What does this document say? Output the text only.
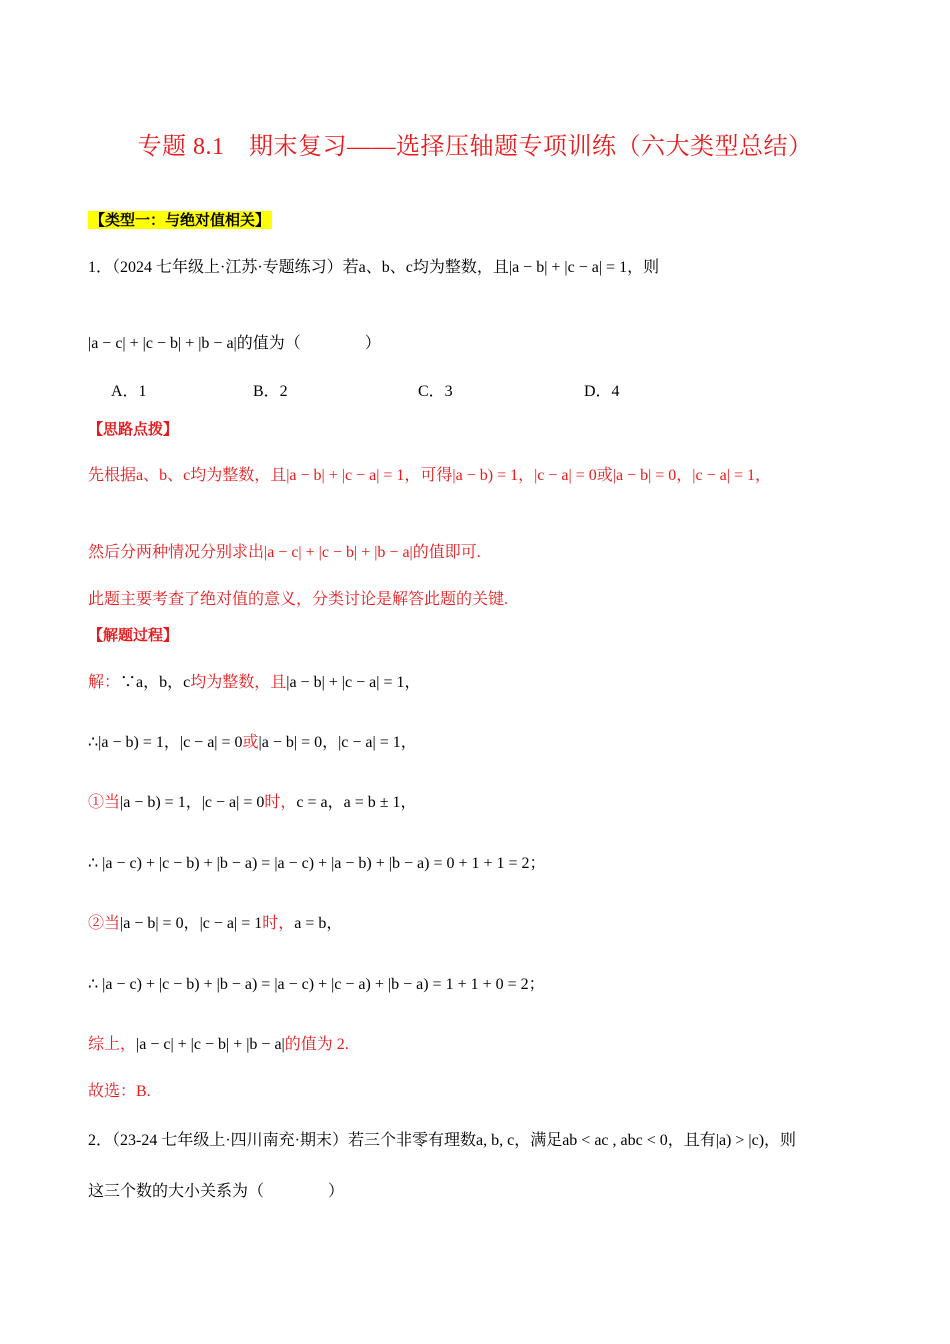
专题 8.1　期末复习——选择压轴题专项训练（六大类型总结）
【类型一：与绝对值相关】
1．（2024 七年级上·江苏·专题练习）若a、b、c均为整数，且|a − b| + |c − a| = 1，则
|a − c| + |c − b| + |b − a|的值为（　　　　）
A．1	B．2	C．3	D．4
【思路点拨】
先根据a、b、c均为整数，且|a − b| + |c − a| = 1，可得|a − b) = 1，|c − a| = 0或|a − b| = 0，|c − a| = 1，
然后分两种情况分别求出|a − c| + |c − b| + |b − a|的值即可.
此题主要考查了绝对值的意义，分类讨论是解答此题的关键.
【解题过程】
解：∵a，b，c均为整数，且|a − b| + |c − a| = 1，
∴|a − b) = 1，|c − a| = 0或|a − b| = 0，|c − a| = 1，
①当|a − b) = 1，|c − a| = 0时，c = a，a = b ± 1，
∴ |a − c) + |c − b) + |b − a) = |a − c) + |a − b) + |b − a) = 0 + 1 + 1 = 2；
②当|a − b| = 0，|c − a| = 1时，a = b，
∴ |a − c) + |c − b) + |b − a) = |a − c) + |c − a) + |b − a) = 1 + 1 + 0 = 2；
综上，|a − c| + |c − b| + |b − a|的值为 2.
故选：B.
2．（23-24 七年级上·四川南充·期末）若三个非零有理数a, b, c，满足ab < ac , abc < 0，且有|a) > |c)，则
这三个数的大小关系为（　　　　）
